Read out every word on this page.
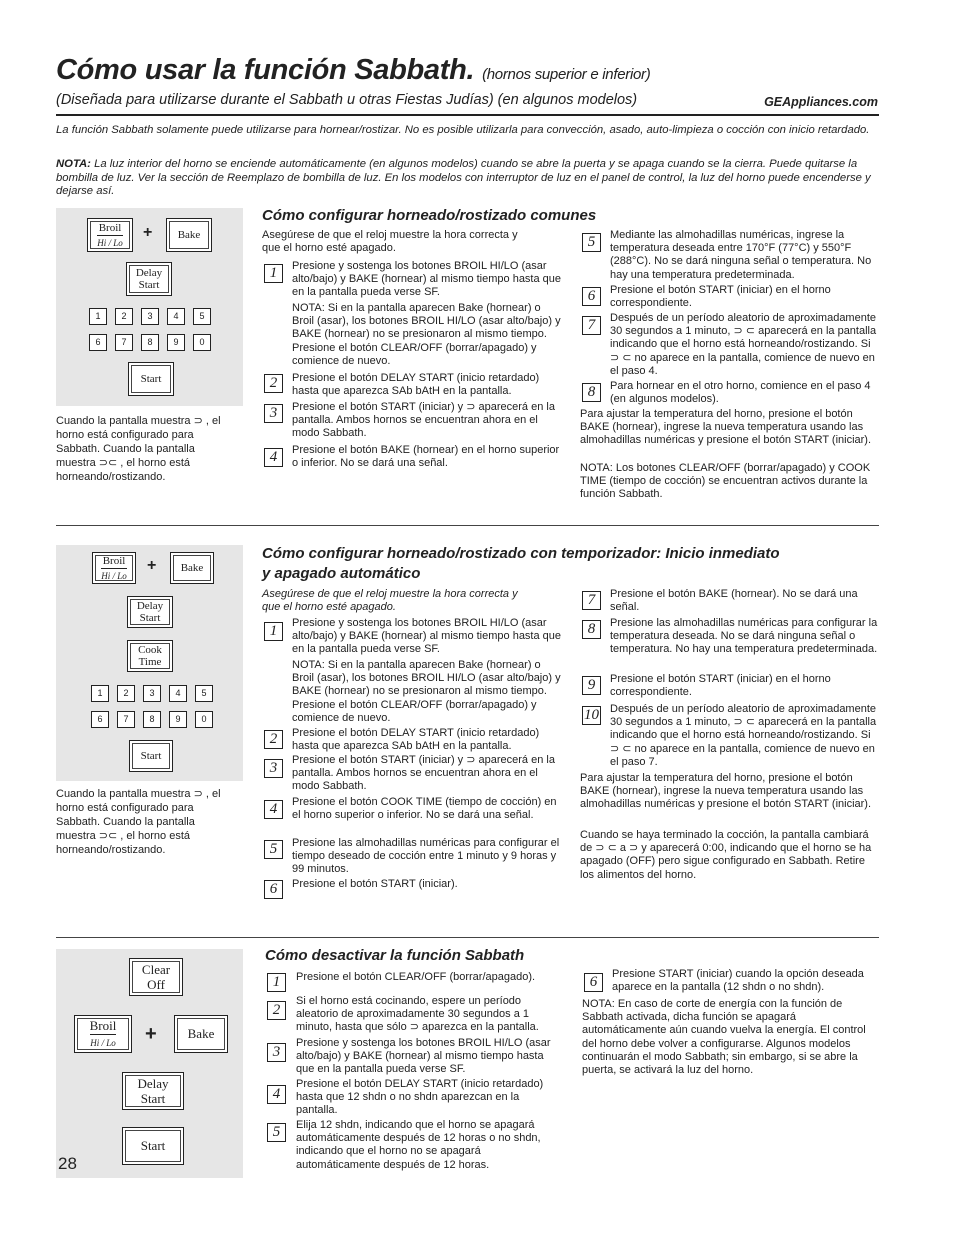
Cómo usar la función Sabbath. (hornos superior e inferior)
(Diseñada para utilizarse durante el Sabbath u otras Fiestas Judías) (en algunos modelos)	GEAppliances.com
La función Sabbath solamente puede utilizarse para hornear/rostizar. No es posible utilizarla para convección, asado, auto-limpieza o cocción con inicio retardado.
NOTA: La luz interior del horno se enciende automáticamente (en algunos modelos) cuando se abre la puerta y se apaga cuando se la cierra. Puede quitarse la bombilla de luz. Ver la sección de Reemplazo de bombilla de luz. En los modelos con interruptor de luz en el panel de control, la luz del horno puede encenderse y dejarse así.
Broil
Hi / Lo
+ Bake
Delay
Start
1	2	3	4	5
6	7	8	9	0
Start
Cuando la pantalla muestra ⊃ , el horno está configurado para Sabbath. Cuando la pantalla muestra ⊃⊂ , el horno está horneando/rostizando.
Cómo configurar horneado/rostizado comunes
Asegúrese de que el reloj muestre la hora correcta y que el horno esté apagado.
1	Presione y sostenga los botones BROIL HI/LO (asar alto/bajo) y BAKE (hornear) al mismo tiempo hasta que en la pantalla pueda verse SF.
NOTA: Si en la pantalla aparecen Bake (hornear) o Broil (asar), los botones BROIL HI/LO (asar alto/bajo) y BAKE (hornear) no se presionaron al mismo tiempo. Presione el botón CLEAR/OFF (borrar/apagado) y comience de nuevo.
2	Presione el botón DELAY START (inicio retardado) hasta que aparezca SAb bAtH en la pantalla.
3	Presione el botón START (iniciar) y ⊃ aparecerá en la pantalla. Ambos hornos se encuentran ahora en el modo Sabbath.
4	Presione el botón BAKE (hornear) en el horno superior o inferior. No se dará una señal.
5	Mediante las almohadillas numéricas, ingrese la temperatura deseada entre 170°F (77°C) y 550°F (288°C). No se dará ninguna señal o temperatura. No hay una temperatura predeterminada.
6	Presione el botón START (iniciar) en el horno correspondiente.
7	Después de un período aleatorio de aproximadamente 30 segundos a 1 minuto, ⊃ ⊂ aparecerá en la pantalla indicando que el horno está horneando/rostizando. Si ⊃ ⊂ no aparece en la pantalla, comience de nuevo en el paso 4.
8	Para hornear en el otro horno, comience en el paso 4 (en algunos modelos).
Para ajustar la temperatura del horno, presione el botón BAKE (hornear), ingrese la nueva temperatura usando las almohadillas numéricas y presione el botón START (iniciar).
NOTA: Los botones CLEAR/OFF (borrar/apagado) y COOK TIME (tiempo de cocción) se encuentran activos durante la función Sabbath.
Broil
Hi / Lo
+ Bake
Delay
Start
Cook
Time
1	2	3	4	5
6	7	8	9	0
Start
Cuando la pantalla muestra ⊃ , el horno está configurado para Sabbath. Cuando la pantalla muestra ⊃⊂ , el horno está horneando/rostizando.
Cómo configurar horneado/rostizado con temporizador: Inicio inmediato
y apagado automático
Asegúrese de que el reloj muestre la hora correcta y que el horno esté apagado.
1	Presione y sostenga los botones BROIL HI/LO (asar alto/bajo) y BAKE (hornear) al mismo tiempo hasta que en la pantalla pueda verse SF.
NOTA: Si en la pantalla aparecen Bake (hornear) o Broil (asar), los botones BROIL HI/LO (asar alto/bajo) y BAKE (hornear) no se presionaron al mismo tiempo. Presione el botón CLEAR/OFF (borrar/apagado) y comience de nuevo.
2	Presione el botón DELAY START (inicio retardado) hasta que aparezca SAb bAtH en la pantalla.
3	Presione el botón START (iniciar) y ⊃ aparecerá en la pantalla. Ambos hornos se encuentran ahora en el modo Sabbath.
4	Presione el botón COOK TIME (tiempo de cocción) en el horno superior o inferior. No se dará una señal.
5	Presione las almohadillas numéricas para configurar el tiempo deseado de cocción entre 1 minuto y 9 horas y 99 minutos.
6	Presione el botón START (iniciar).
7	Presione el botón BAKE (hornear). No se dará una señal.
8	Presione las almohadillas numéricas para configurar la temperatura deseada. No se dará ninguna señal o temperatura. No hay una temperatura predeterminada.
9	Presione el botón START (iniciar) en el horno correspondiente.
10 Después de un período aleatorio de aproximadamente 30 segundos a 1 minuto, ⊃ ⊂ aparecerá en la pantalla indicando que el horno está horneando/rostizando. Si ⊃ ⊂ no aparece en la pantalla, comience de nuevo en el paso 7.
Para ajustar la temperatura del horno, presione el botón BAKE (hornear), ingrese la nueva temperatura usando las almohadillas numéricas y presione el botón START (iniciar).
Cuando se haya terminado la cocción, la pantalla cambiará de ⊃ ⊂ a ⊃ y aparecerá 0:00, indicando que el horno se ha apagado (OFF) pero sigue configurado en Sabbath. Retire los alimentos del horno.
Clear
Off
Broil
Hi / Lo + Bake
Delay
Start
Start
28
Cómo desactivar la función Sabbath
1	Presione el botón CLEAR/OFF (borrar/apagado).
2
Si el horno está cocinando, espere un período aleatorio de aproximadamente 30 segundos a 1 minuto, hasta que sólo ⊃ aparezca en la pantalla.
3
Presione y sostenga los botones BROIL HI/LO (asar alto/bajo) y BAKE (hornear) al mismo tiempo hasta que en la pantalla pueda verse SF.
4
Presione el botón DELAY START (inicio retardado) hasta que 12 shdn o no shdn aparezcan en la pantalla.
5	Elija 12 shdn, indicando que el horno se apagará automáticamente después de 12 horas o no shdn, indicando que el horno no se apagará automáticamente después de 12 horas.
6	Presione START (iniciar) cuando la opción deseada aparece en la pantalla (12 shdn o no shdn).
NOTA: En caso de corte de energía con la función de Sabbath activada, dicha función se apagará automáticamente aún cuando vuelva la energía. El control del horno debe volver a configurarse. Algunos modelos continuarán el modo Sabbath; sin embargo, si se abre la puerta, se activará la luz del horno.
